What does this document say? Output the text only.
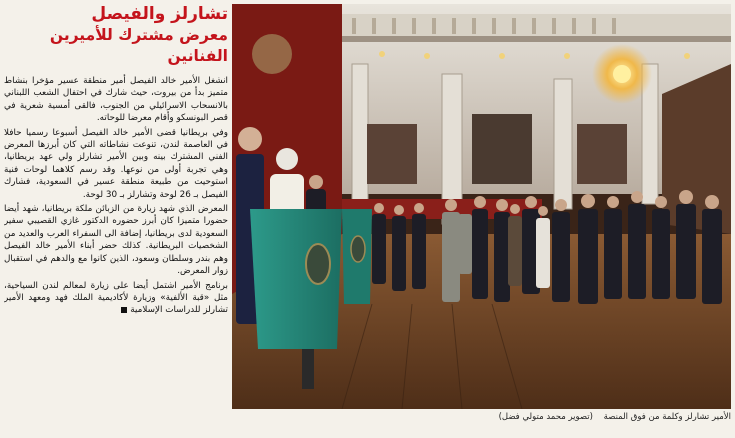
تشارلز والفيصل
معرض مشترك للأميرين الفنانين

انشغل الأمير خالد الفيصل أمير منطقة عسير مؤخرا بنشاط متميز بدأ من بيروت، حيث شارك في احتفال الشعب اللبناني بالانسحاب الاسرائيلي من الجنوب، فالقى أمسية شعرية في قصر البونسكو وأقام معرضا للوحاته.

وفي بريطانيا قضى الأمير خالد الفيصل أسبوعا رسميا حافلا في العاصمة لندن، تنوعت نشاطاته التي كان أبرزها المعرض الفني المشترك بينه وبين الأمير تشارلز ولي عهد بريطانيا، وهي تجربة أولى من نوعها. وقد رسم كلاهما لوحات فنية استوحيت من طبيعة منطقة عسير في السعودية، فشارك الفيصل بـ 26 لوحة وتشارلز بـ 30 لوحة.

المعرض الذي شهد زيارة من الزبائن ملكة بريطانيا، شهد أيضا حضورا متميزا كان أبرز حضوره الدكتور غازي القصيبي سفير السعودية لدى بريطانيا، إضافة الى السفراء العرب والعديد من الشخصيات البريطانية. كذلك حضر أبناء الأمير خالد الفيصل وهم بندر وسلطان وسعود، الذين كانوا مع والدهم في استقبال زوار المعرض.

برنامج الأمير اشتمل أيضا على زيارة لمعالم لندن السياحية، مثل «قبة الألفية» وزيارة لأكاديمية الملك فهد ومعهد الأمير تشارلز للدراسات الإسلامية

الأمير تشارلز وكلمة من فوق المنصة (تصوير محمد متولي فضل)
